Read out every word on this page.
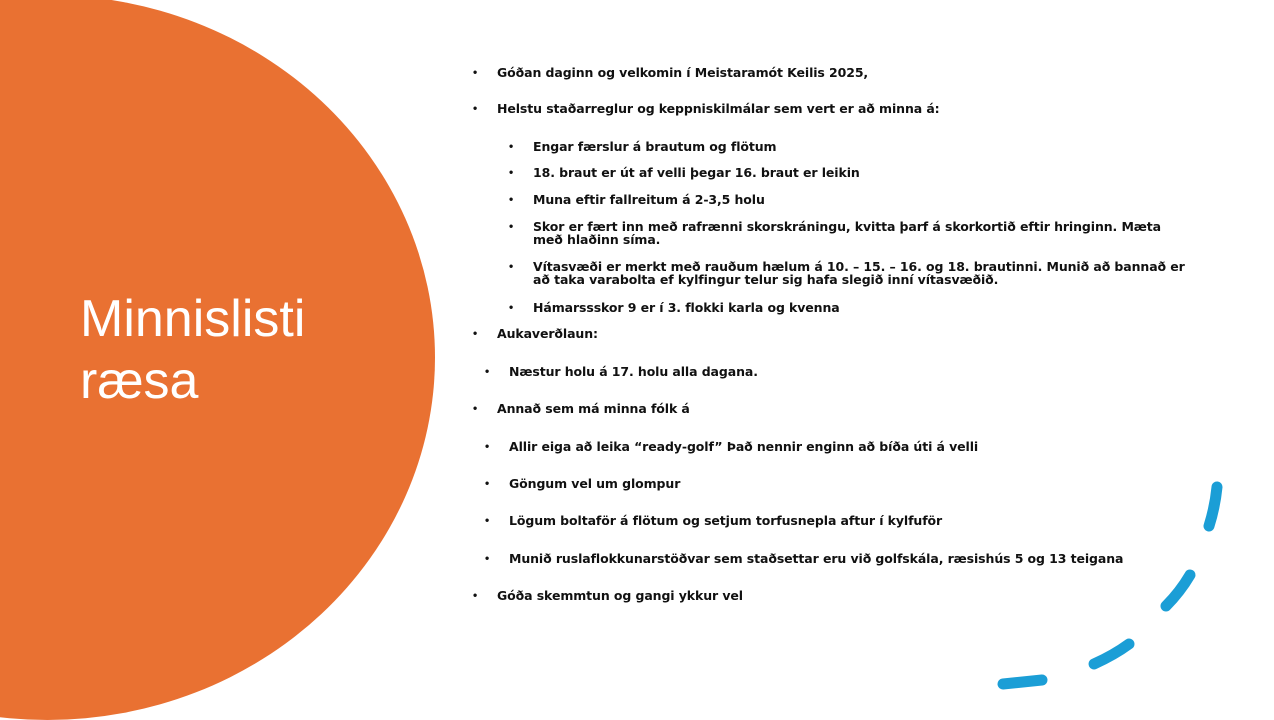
Minnislisti
ræsa
• Góðan daginn og velkomin í Meistaramót Keilis 2025,
• Helstu staðarreglur og keppniskilmálar sem vert er að minna á:
• Engar færslur á brautum og flötum
• 18. braut er út af velli þegar 16. braut er leikin
• Muna eftir fallreitum á 2-3,5 holu
• Skor er fært inn með rafrænni skorskráningu, kvitta þarf á skorkortið eftir hringinn. Mæta með hlaðinn síma.
• Vítasvæði er merkt með rauðum hælum á 10. – 15. – 16. og 18. brautinni. Munið að bannað er að taka varabolta ef kylfingur telur sig hafa slegið inní vítasvæðið.
• Hámarssskor 9 er í 3. flokki karla og kvenna
• Aukaverðlaun:
• Næstur holu á 17. holu alla dagana.
• Annað sem má minna fólk á
• Allir eiga að leika “ready-golf” Það nennir enginn að bíða úti á velli
• Göngum vel um glompur
• Lögum boltaför á flötum og setjum torfusnepla aftur í kylfuför
• Munið ruslaflokkunarstöðvar sem staðsettar eru við golfskála, ræsishús 5 og 13 teigana
• Góða skemmtun og gangi ykkur vel
